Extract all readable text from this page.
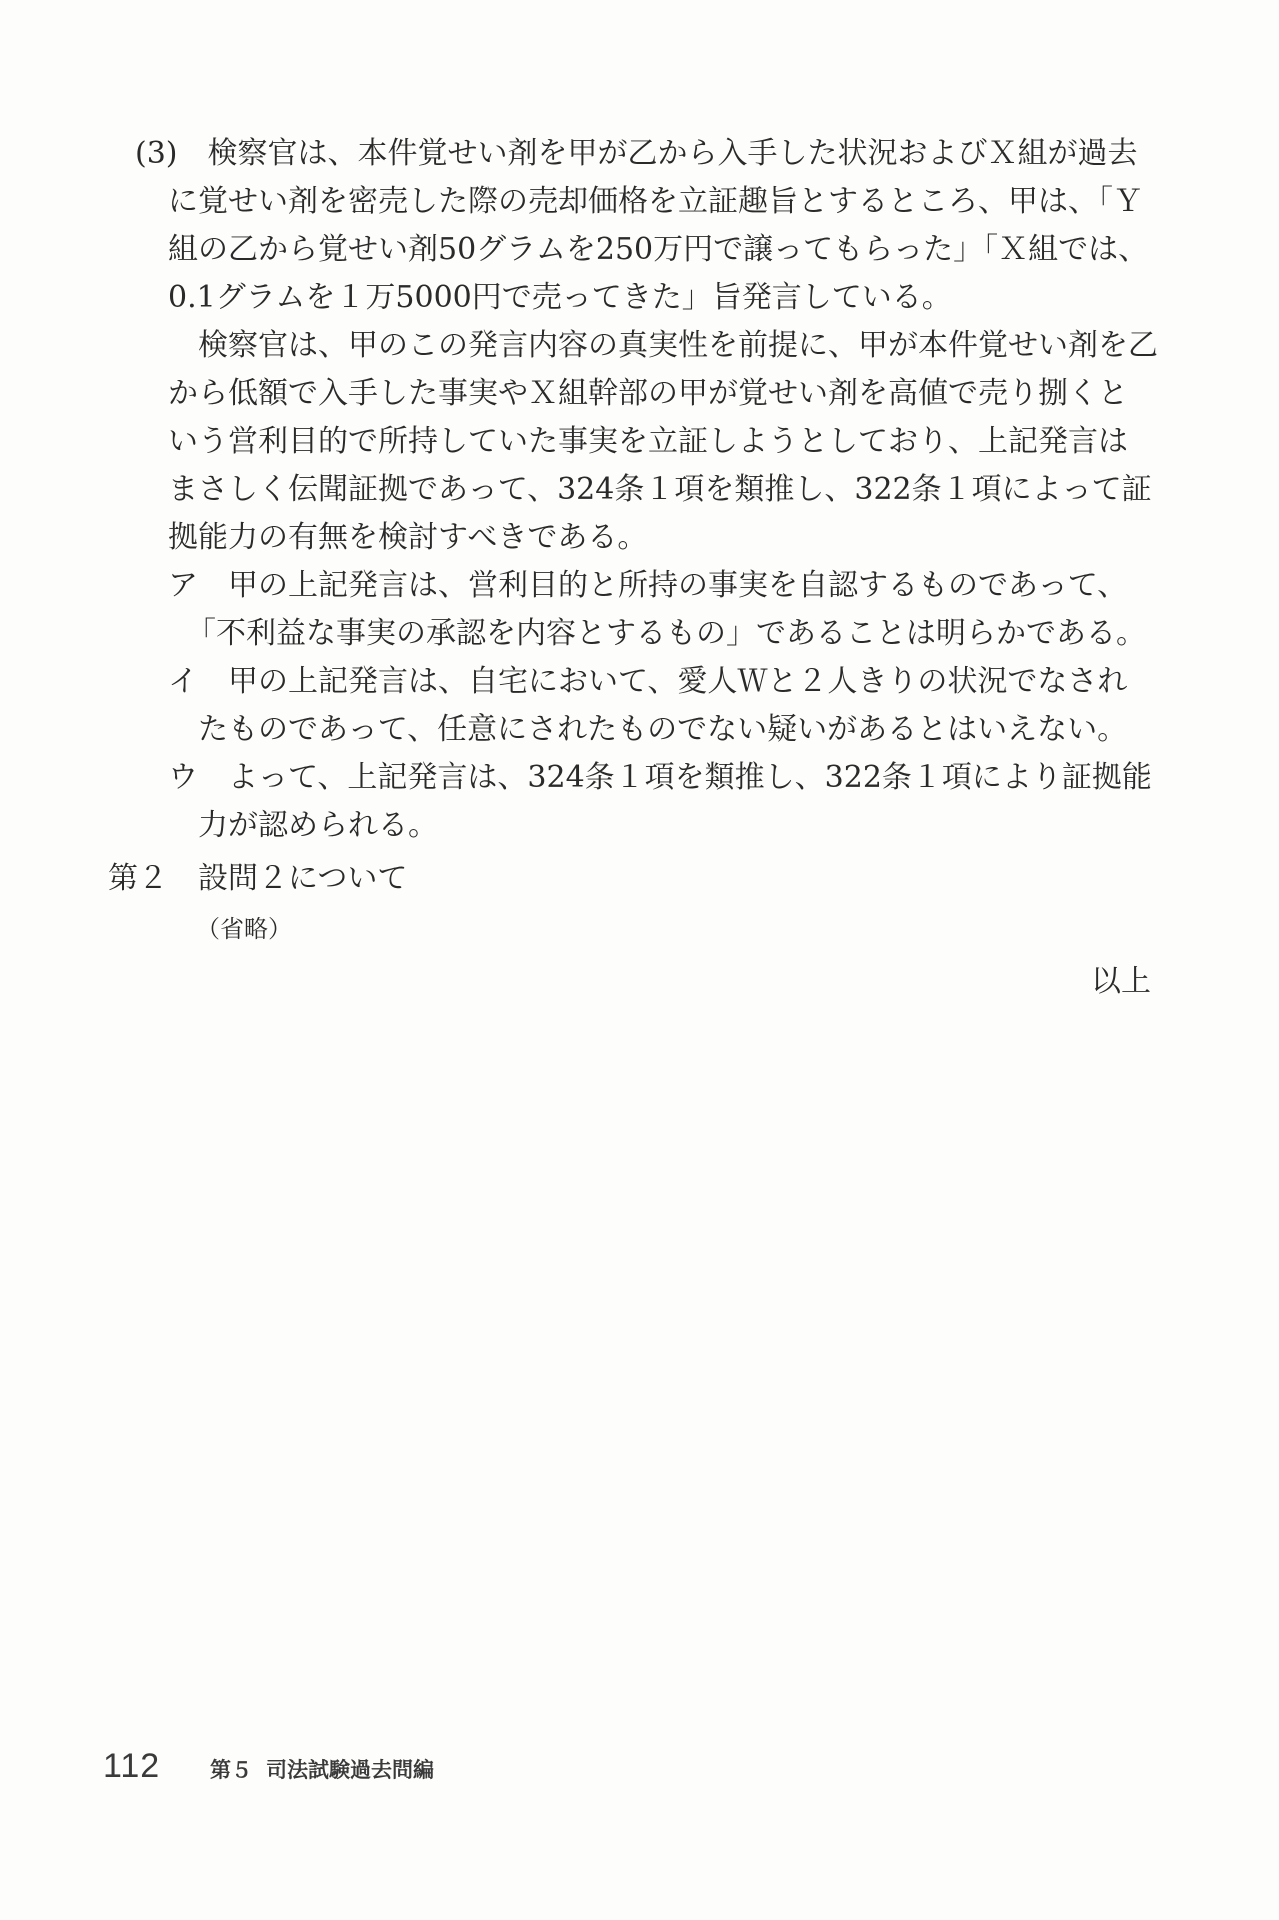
(3)　検察官は、本件覚せい剤を甲が乙から入手した状況およびＸ組が過去
に覚せい剤を密売した際の売却価格を立証趣旨とするところ、甲は、「Ｙ
組の乙から覚せい剤50グラムを250万円で譲ってもらった」「Ｘ組では、
0.1グラムを１万5000円で売ってきた」旨発言している。
検察官は、甲のこの発言内容の真実性を前提に、甲が本件覚せい剤を乙
から低額で入手した事実やＸ組幹部の甲が覚せい剤を高値で売り捌くと
いう営利目的で所持していた事実を立証しようとしており、上記発言は
まさしく伝聞証拠であって、324条１項を類推し、322条１項によって証
拠能力の有無を検討すべきである。
ア　甲の上記発言は、営利目的と所持の事実を自認するものであって、
「不利益な事実の承認を内容とするもの」であることは明らかである。
イ　甲の上記発言は、自宅において、愛人Ｗと２人きりの状況でなされ
たものであって、任意にされたものでない疑いがあるとはいえない。
ウ　よって、上記発言は、324条１項を類推し、322条１項により証拠能
力が認められる。
第２　設問２について
（省略）
以上
112 第５ 司法試験過去問編
